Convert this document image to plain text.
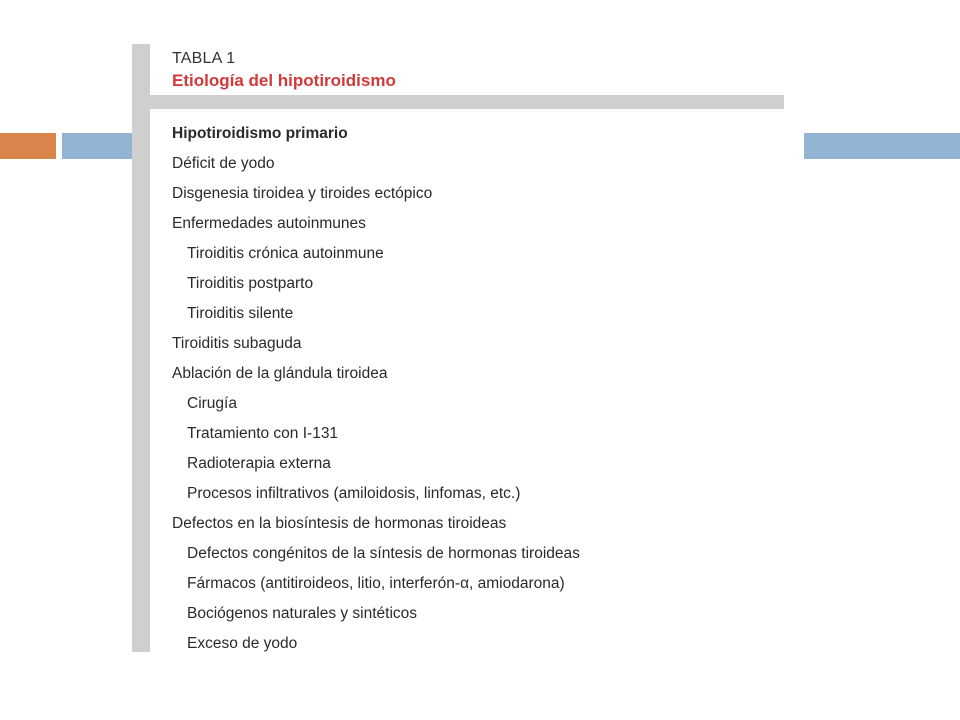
TABLA 1
Etiología del hipotiroidismo
Hipotiroidismo primario
Déficit de yodo
Disgenesia tiroidea y tiroides ectópico
Enfermedades autoinmunes
Tiroiditis crónica autoinmune
Tiroiditis postparto
Tiroiditis silente
Tiroiditis subaguda
Ablación de la glándula tiroidea
Cirugía
Tratamiento con I-131
Radioterapia externa
Procesos infiltrativos (amiloidosis, linfomas, etc.)
Defectos en la biosíntesis de hormonas tiroideas
Defectos congénitos de la síntesis de hormonas tiroideas
Fármacos (antitiroideos, litio, interferón-α, amiodarona)
Bociógenos naturales y sintéticos
Exceso de yodo
